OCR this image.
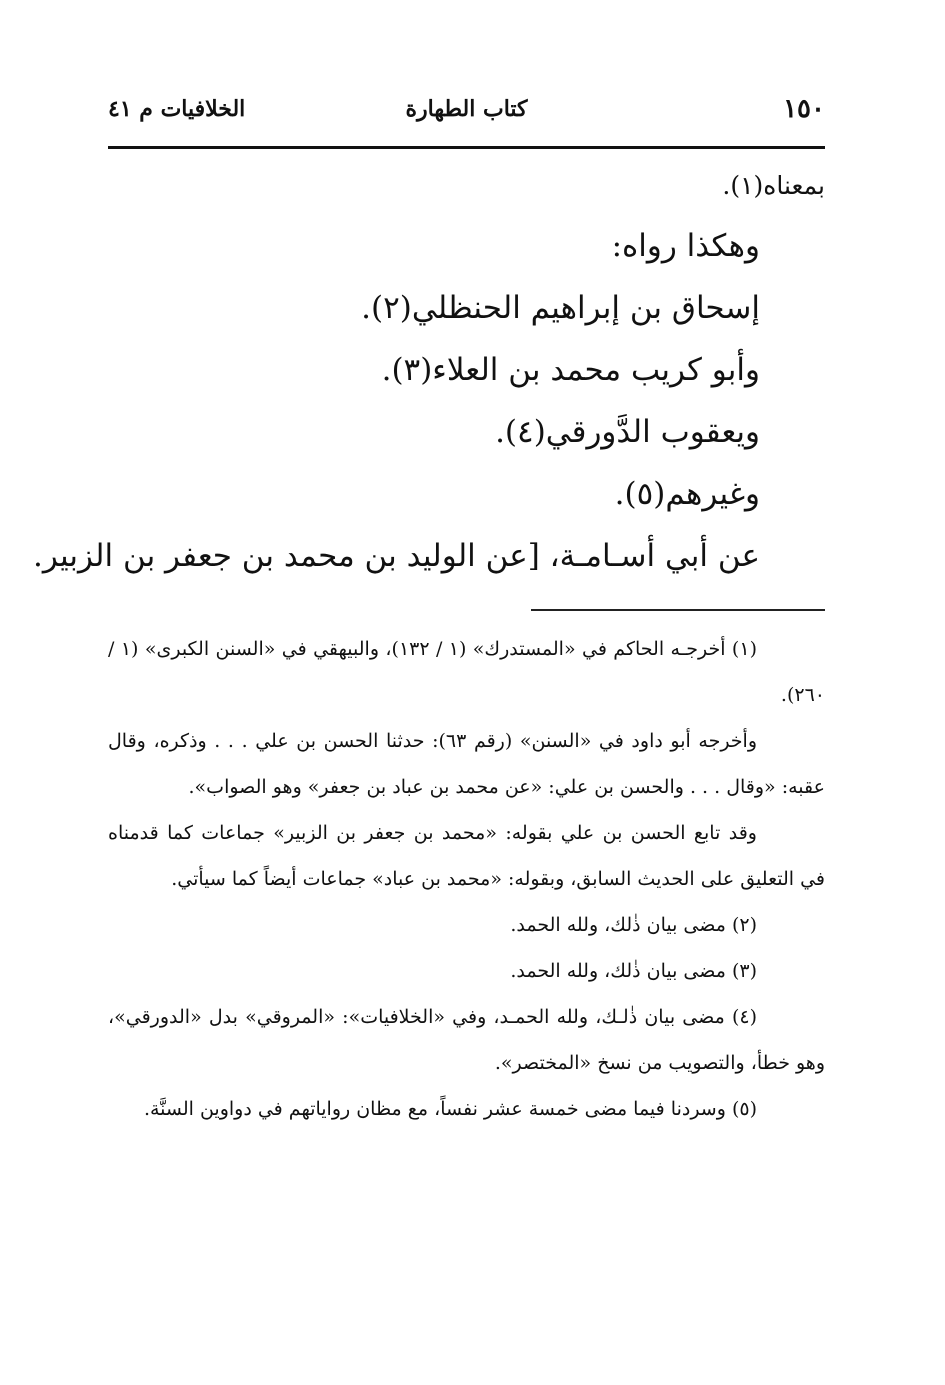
١٥٠
كتاب الطهارة
الخلافيات م ٤١
بمعناه(١).
وهكذا رواه:
إسحاق بن إبراهيم الحنظلي(٢).
وأبو كريب محمد بن العلاء(٣).
ويعقوب الدَّورقي(٤).
وغيرهم(٥).
عن أبي أسـامـة، [عن الوليد بن محمد بن جعفر بن الزبير.
(١) أخرجـه الحاكم في «المستدرك» (١ / ١٣٢)، والبيهقي في «السنن الكبرى» (١ / ٢٦٠).
وأخرجه أبو داود في «السنن» (رقم ٦٣): حدثنا الحسن بن علي . . . وذكره، وقال عقبه: «وقال . . . والحسن بن علي: «عن محمد بن عباد بن جعفر» وهو الصواب».
وقد تابع الحسن بن علي بقوله: «محمد بن جعفر بن الزبير» جماعات كما قدمناه في التعليق على الحديث السابق، وبقوله: «محمد بن عباد» جماعات أيضاً كما سيأتي.
(٢) مضى بيان ذٰلك، ولله الحمد.
(٣) مضى بيان ذٰلك، ولله الحمد.
(٤) مضى بيان ذٰلـك، ولله الحمـد، وفي «الخلافيات»: «المروقي» بدل «الدورقي»، وهو خطأ، والتصويب من نسخ «المختصر».
(٥) وسردنا فيما مضى خمسة عشر نفساً، مع مظان رواياتهم في دواوين السنَّة.
